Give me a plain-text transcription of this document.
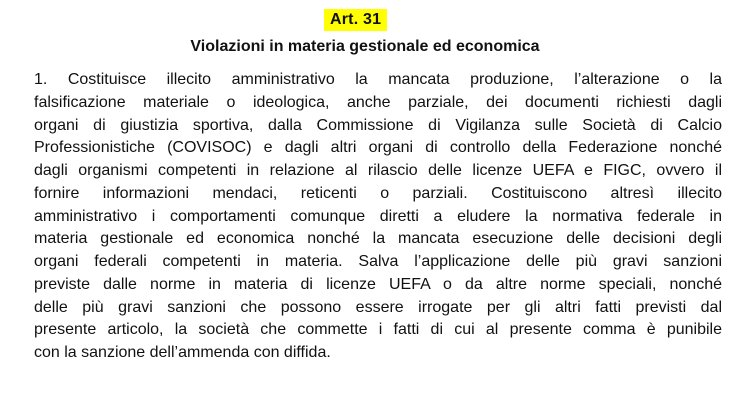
Art. 31
Violazioni in materia gestionale ed economica
1. Costituisce illecito amministrativo la mancata produzione, l’alterazione o la
falsificazione materiale o ideologica, anche parziale, dei documenti richiesti dagli
organi di giustizia sportiva, dalla Commissione di Vigilanza sulle Società di Calcio
Professionistiche (COVISOC) e dagli altri organi di controllo della Federazione nonché
dagli organismi competenti in relazione al rilascio delle licenze UEFA e FIGC, ovvero il
fornire informazioni mendaci, reticenti o parziali. Costituiscono altresì illecito
amministrativo i comportamenti comunque diretti a eludere la normativa federale in
materia gestionale ed economica nonché la mancata esecuzione delle decisioni degli
organi federali competenti in materia. Salva l’applicazione delle più gravi sanzioni
previste dalle norme in materia di licenze UEFA o da altre norme speciali, nonché
delle più gravi sanzioni che possono essere irrogate per gli altri fatti previsti dal
presente articolo, la società che commette i fatti di cui al presente comma è punibile
con la sanzione dell’ammenda con diffida.
